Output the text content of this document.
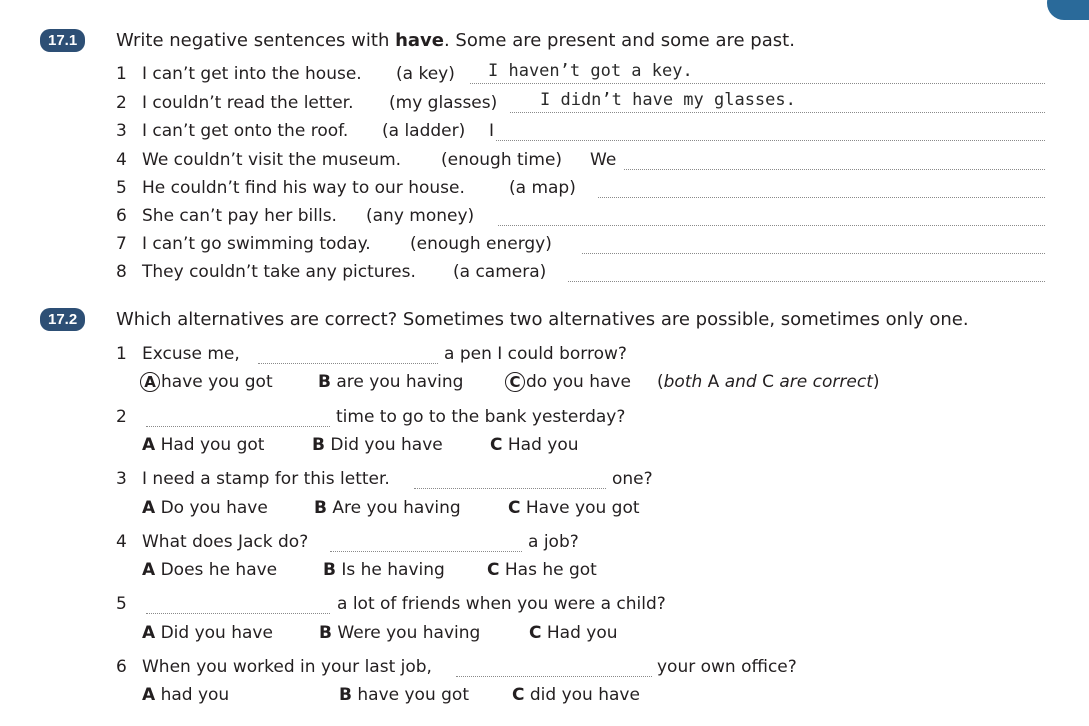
17.1	Write negative sentences with have. Some are present and some are past.
1 I can’t get into the house. (a key) I haven’t got a key.
2 I couldn’t read the letter. (my glasses)	I didn’t have my glasses.
3 I can’t get onto the roof. (a ladder) I
4 We couldn’t visit the museum. (enough time) We
5 He couldn’t find his way to our house.	(a map)
6 She can’t pay her bills. (any money)
7 I can’t go swimming today. (enough energy)
8 They couldn’t take any pictures. (a camera)
17.2	Which alternatives are correct? Sometimes two alternatives are possible, sometimes only one.
1 Excuse me,	a pen I could borrow?
A have you got	B are you having	C do you have (both A and C are correct)
2	time to go to the bank yesterday?
A Had you got	B Did you have	C Had you
3 I need a stamp for this letter.	one?
A Do you have	B Are you having	C Have you got
4 What does Jack do?	a job?
A Does he have	B Is he having C Has he got
5	a lot of friends when you were a child?
A Did you have	B Were you having	C Had you
6 When you worked in your last job,	your own office?
A had you	B have you got	C did you have
